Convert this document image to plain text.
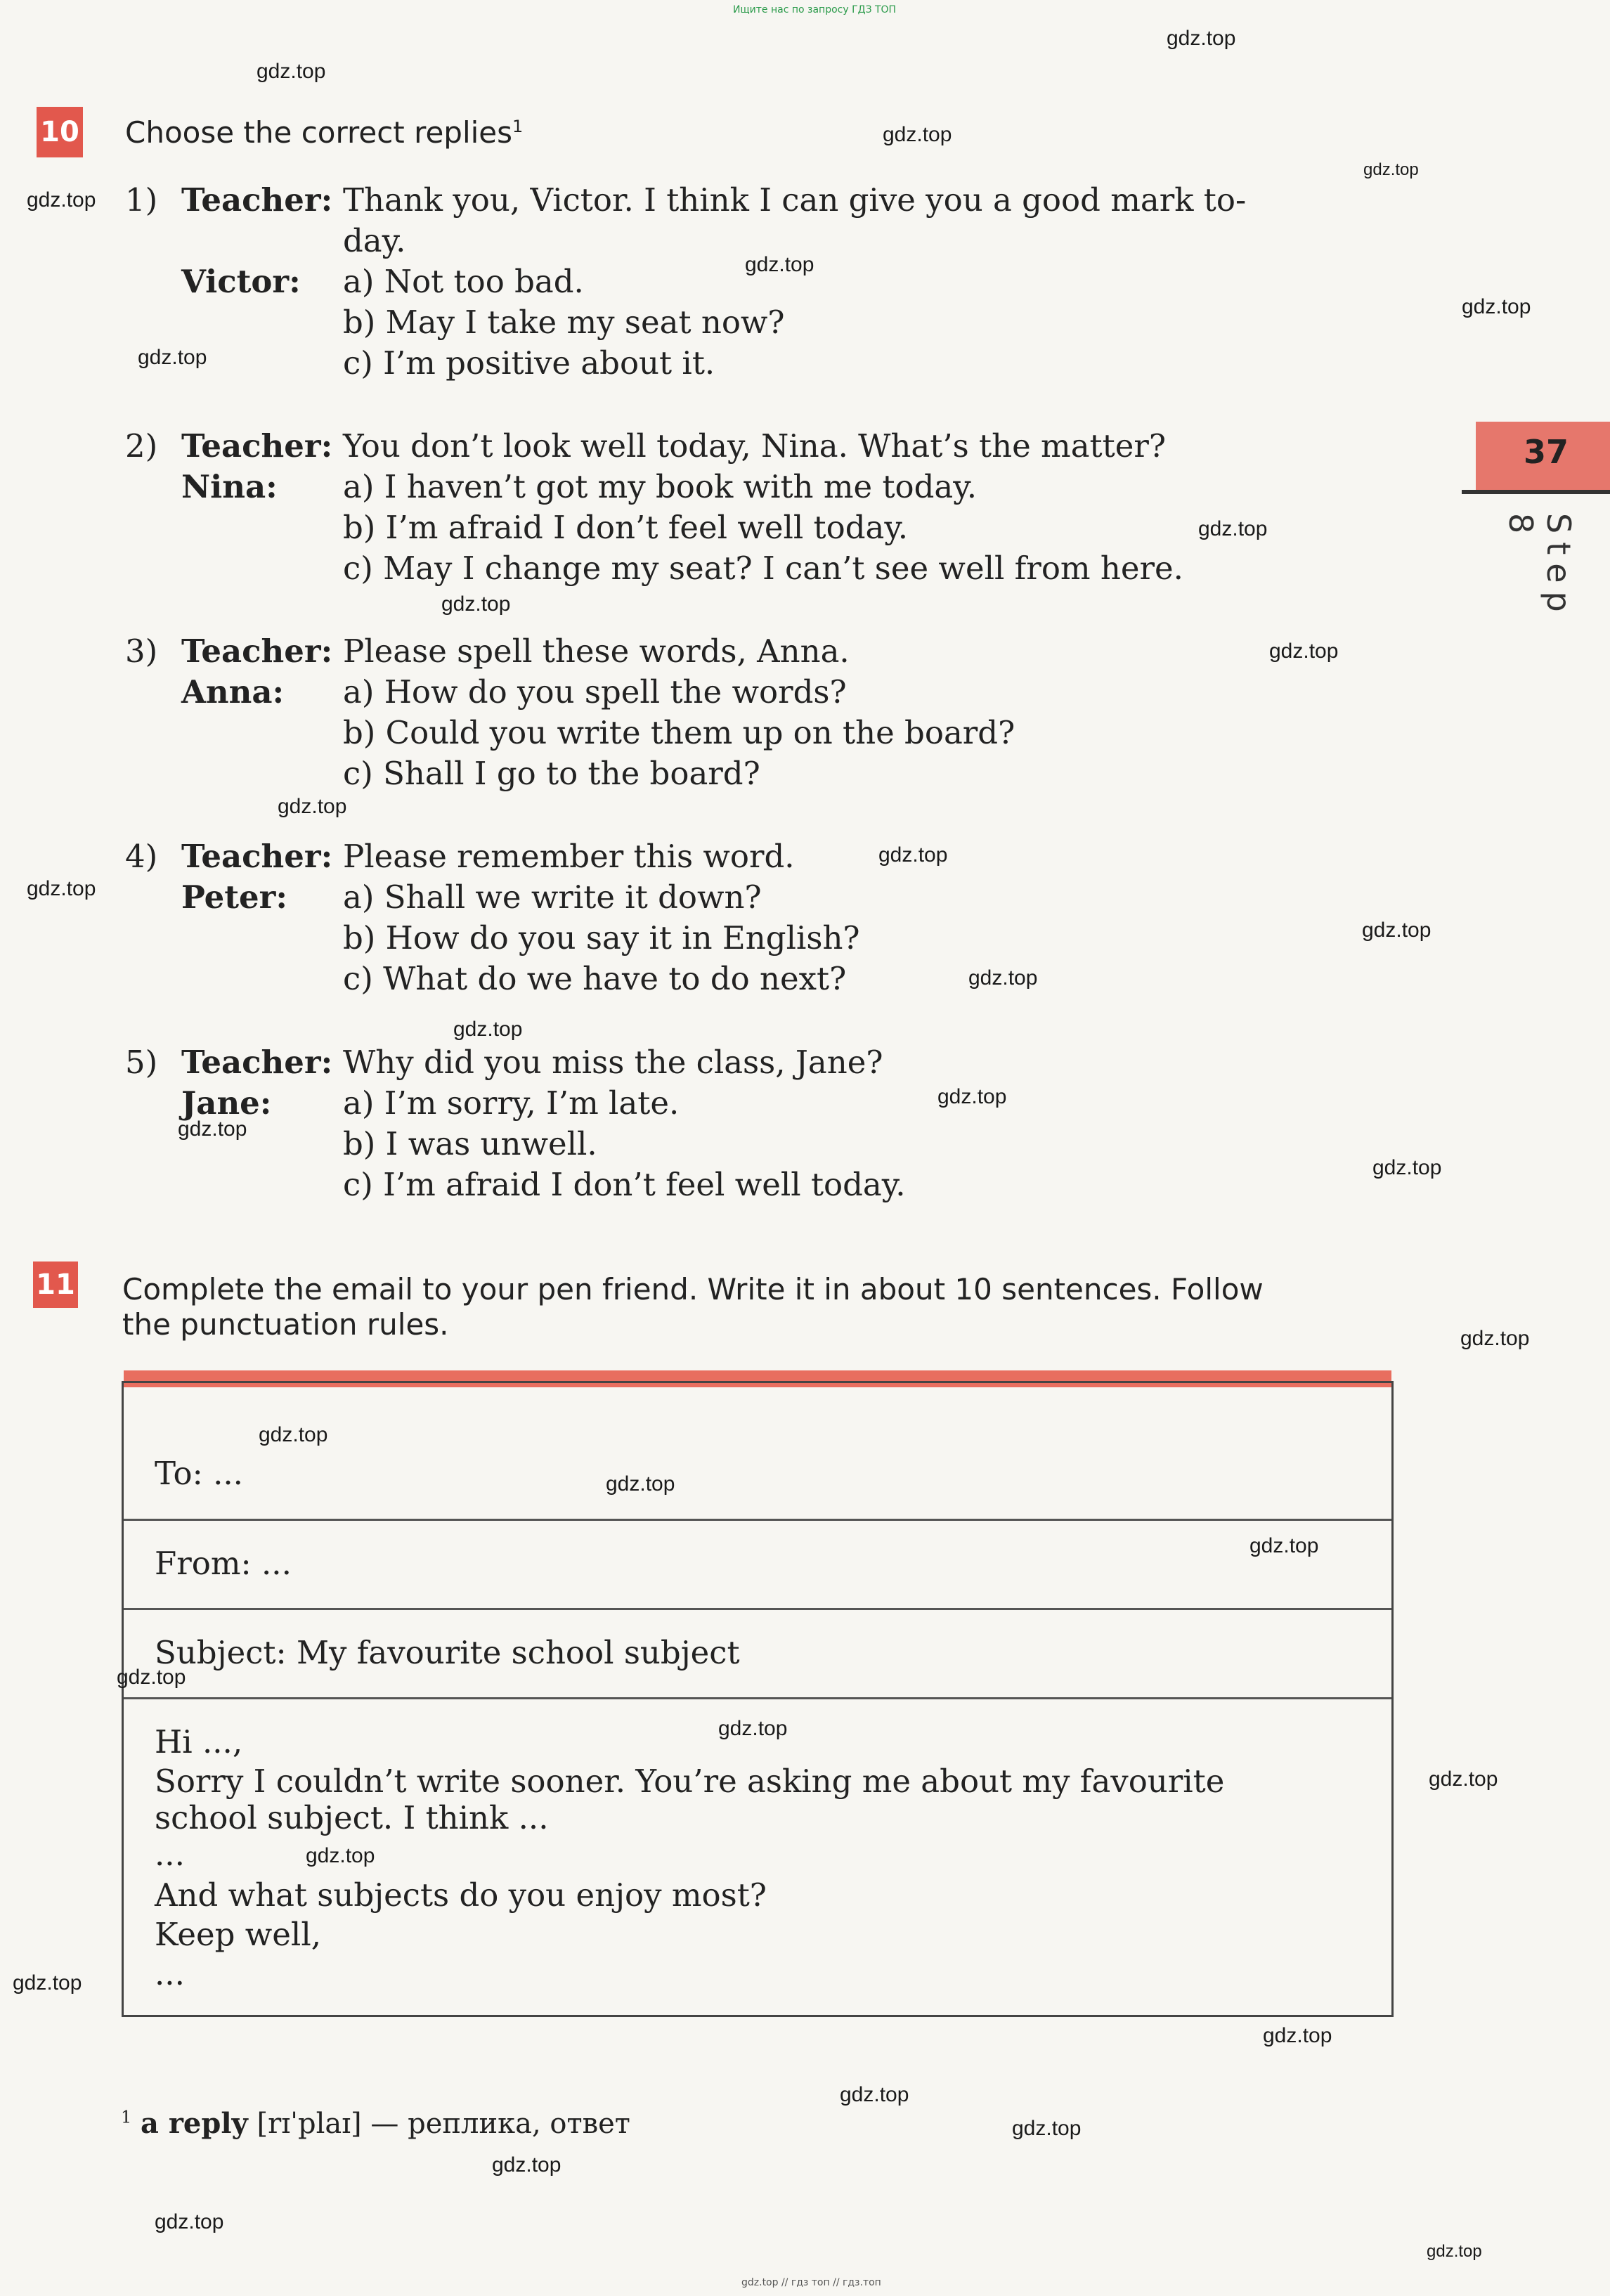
Ищите нас по запросу ГДЗ ТОП
gdz.top // гдз топ // гдз.топ
37
Step 8
10 Choose the correct replies$^1$
1) Teacher: Thank you, Victor. I think I can give you a good mark to-
day.
Victor: a) Not too bad.
b) May I take my seat now?
c) I’m positive about it.
2) Teacher: You don’t look well today, Nina. What’s the matter?
Nina: a) I haven’t got my book with me today.
b) I’m afraid I don’t feel well today.
c) May I change my seat? I can’t see well from here.
3) Teacher: Please spell these words, Anna.
Anna: a) How do you spell the words?
b) Could you write them up on the board?
c) Shall I go to the board?
4) Teacher: Please remember this word.
Peter: a) Shall we write it down?
b) How do you say it in English?
c) What do we have to do next?
5) Teacher: Why did you miss the class, Jane?
Jane: a) I’m sorry, I’m late.
b) I was unwell.
c) I’m afraid I don’t feel well today.
11 Complete the email to your pen friend. Write it in about 10 sentences. Follow
the punctuation rules.
To: ...
From: ...
Subject: My favourite school subject
Hi ...,
Sorry I couldn’t write sooner. You’re asking me about my favourite
school subject. I think ...
...
And what subjects do you enjoy most?
Keep well,
...
$^1$ a reply [rɪˈplaɪ] — реплика, ответ
gdz.top
gdz.top
gdz.top
gdz.top
gdz.top
gdz.top
gdz.top
gdz.top
gdz.top
gdz.top
gdz.top
gdz.top
gdz.top
gdz.top
gdz.top
gdz.top
gdz.top
gdz.top
gdz.top
gdz.top
gdz.top
gdz.top
gdz.top
gdz.top
gdz.top
gdz.top
gdz.top
gdz.top
gdz.top
gdz.top
gdz.top
gdz.top
gdz.top
gdz.top
gdz.top
